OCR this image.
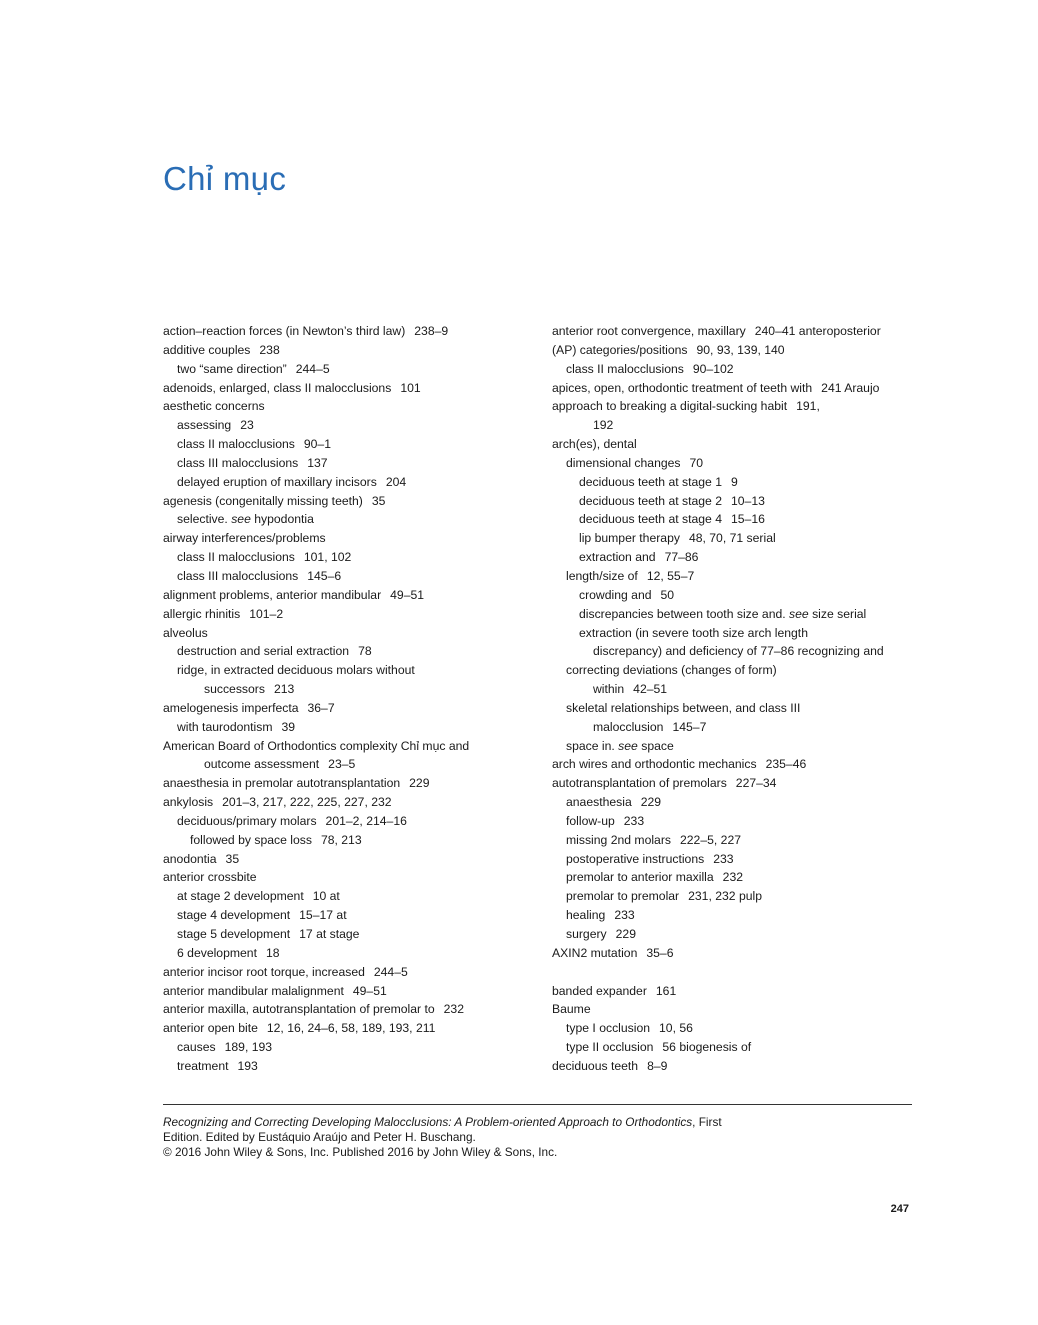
Chỉ mục
action–reaction forces (in Newton’s third law) 238–9
additive couples 238
two “same direction” 244–5
adenoids, enlarged, class II malocclusions 101
aesthetic concerns
assessing 23
class II malocclusions 90–1
class III malocclusions 137
delayed eruption of maxillary incisors 204
agenesis (congenitally missing teeth) 35
selective. see hypodontia
airway interferences/problems
class II malocclusions 101, 102
class III malocclusions 145–6
alignment problems, anterior mandibular 49–51
allergic rhinitis 101–2
alveolus
destruction and serial extraction 78
ridge, in extracted deciduous molars without
successors 213
amelogenesis imperfecta 36–7
with taurodontism 39
American Board of Orthodontics complexity Chỉ mục and
outcome assessment 23–5
anaesthesia in premolar autotransplantation 229
ankylosis 201–3, 217, 222, 225, 227, 232
deciduous/primary molars 201–2, 214–16
followed by space loss 78, 213
anodontia 35
anterior crossbite
at stage 2 development 10 at
stage 4 development 15–17 at
stage 5 development 17 at stage
6 development 18
anterior incisor root torque, increased 244–5
anterior mandibular malalignment 49–51
anterior maxilla, autotransplantation of premolar to 232
anterior open bite 12, 16, 24–6, 58, 189, 193, 211
causes 189, 193
treatment 193
anterior root convergence, maxillary 240–41 anteroposterior
(AP) categories/positions 90, 93, 139, 140
class II malocclusions 90–102
apices, open, orthodontic treatment of teeth with 241 Araujo
approach to breaking a digital-sucking habit 191,
192
arch(es), dental
dimensional changes 70
deciduous teeth at stage 1 9
deciduous teeth at stage 2 10–13
deciduous teeth at stage 4 15–16
lip bumper therapy 48, 70, 71 serial
extraction and 77–86
length/size of 12, 55–7
crowding and 50
discrepancies between tooth size and. see size serial
extraction (in severe tooth size arch length
discrepancy) and deficiency of 77–86 recognizing and
correcting deviations (changes of form)
within 42–51
skeletal relationships between, and class III
malocclusion 145–7
space in. see space
arch wires and orthodontic mechanics 235–46
autotransplantation of premolars 227–34
anaesthesia 229
follow-up 233
missing 2nd molars 222–5, 227
postoperative instructions 233
premolar to anterior maxilla 232
premolar to premolar 231, 232 pulp
healing 233
surgery 229
AXIN2 mutation 35–6
banded expander 161
Baume
type I occlusion 10, 56
type II occlusion 56 biogenesis of
deciduous teeth 8–9
Recognizing and Correcting Developing Malocclusions: A Problem-oriented Approach to Orthodontics, First
Edition. Edited by Eustáquio Araújo and Peter H. Buschang.
© 2016 John Wiley & Sons, Inc. Published 2016 by John Wiley & Sons, Inc.
247
